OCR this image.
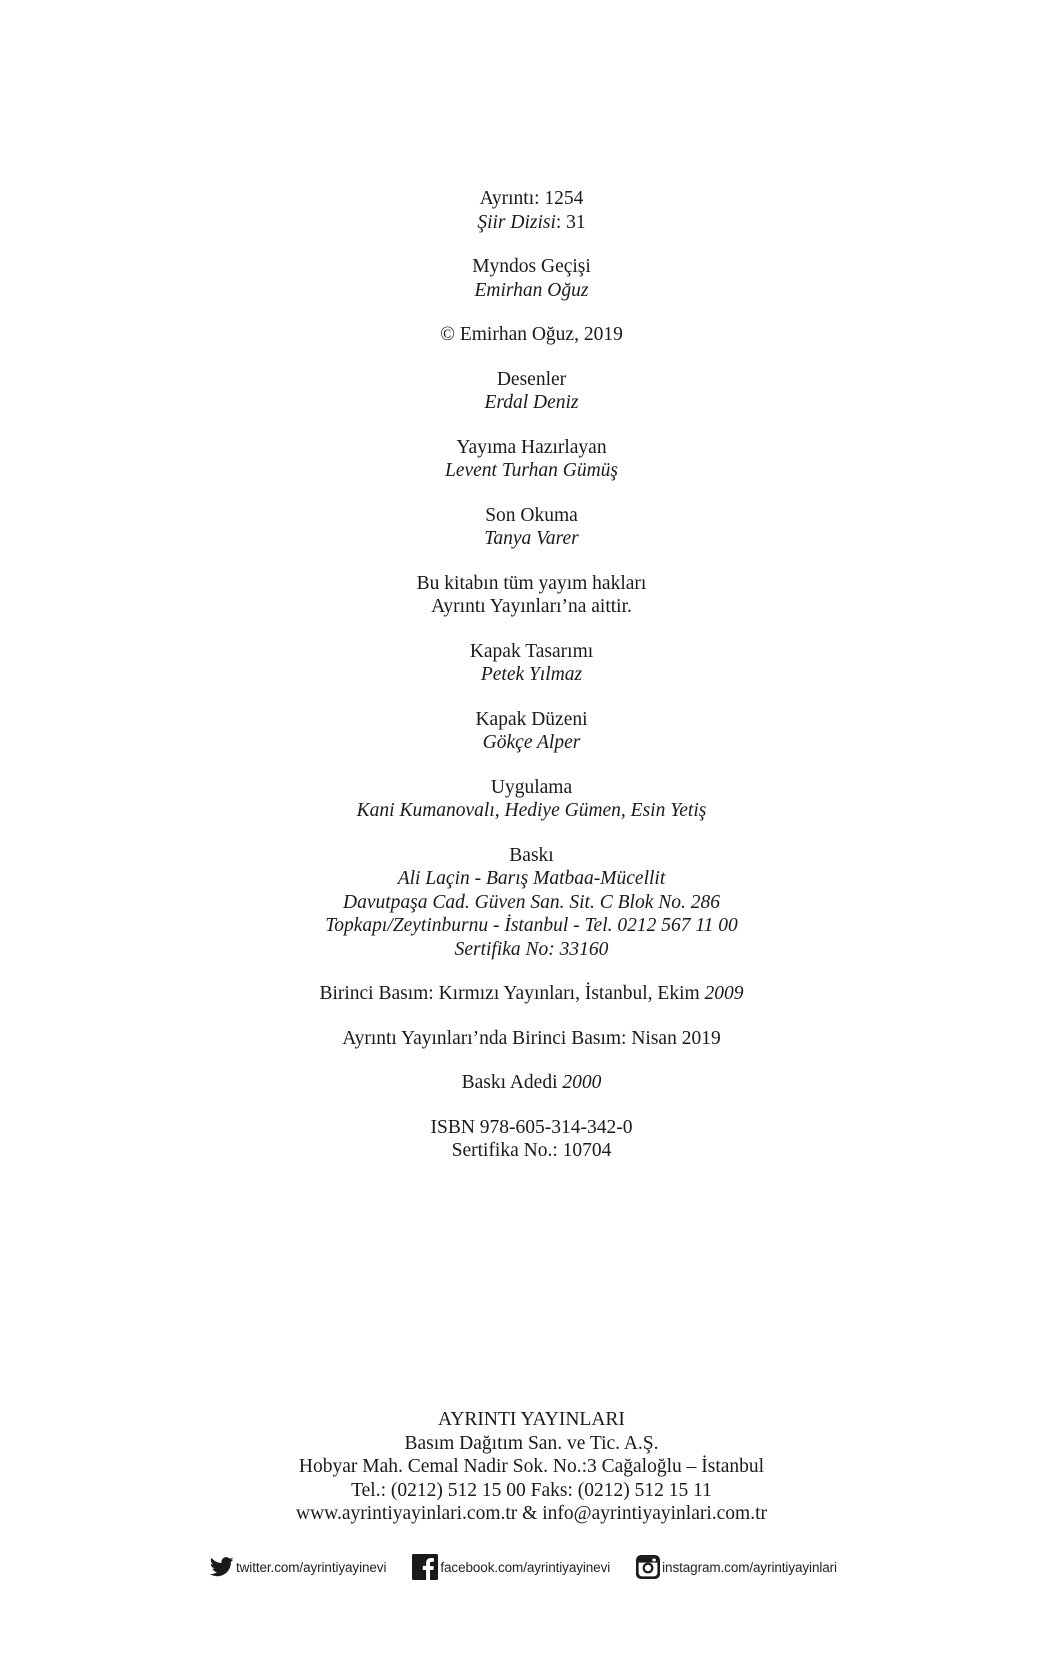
Ayrıntı: 1254
Şiir Dizisi: 31
Myndos Geçişi
Emirhan Oğuz
© Emirhan Oğuz, 2019
Desenler
Erdal Deniz
Yayıma Hazırlayan
Levent Turhan Gümüş
Son Okuma
Tanya Varer
Bu kitabın tüm yayım hakları
Ayrıntı Yayınları’na aittir.
Kapak Tasarımı
Petek Yılmaz
Kapak Düzeni
Gökçe Alper
Uygulama
Kani Kumanovalı, Hediye Gümen, Esin Yetiş
Baskı
Ali Laçin - Barış Matbaa-Mücellit
Davutpaşa Cad. Güven San. Sit. C Blok No. 286
Topkapı/Zeytinburnu - İstanbul - Tel. 0212 567 11 00
Sertifika No: 33160
Birinci Basım: Kırmızı Yayınları, İstanbul, Ekim 2009
Ayrıntı Yayınları’nda Birinci Basım: Nisan 2019
Baskı Adedi 2000
ISBN 978-605-314-342-0
Sertifika No.: 10704
AYRINTI YAYINLARI
Basım Dağıtım San. ve Tic. A.Ş.
Hobyar Mah. Cemal Nadir Sok. No.:3 Cağaloğlu – İstanbul
Tel.: (0212) 512 15 00 Faks: (0212) 512 15 11
www.ayrintiyayinlari.com.tr & info@ayrintiyayinlari.com.tr
twitter.com/ayrintiyayinevi	facebook.com/ayrintiyayinevi	instagram.com/ayrintiyayinlari
